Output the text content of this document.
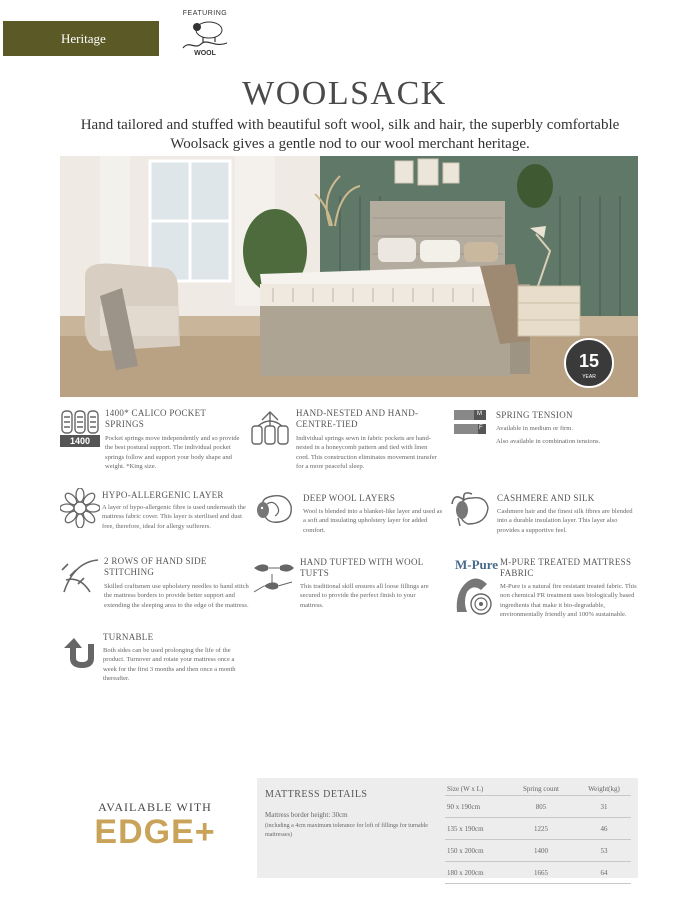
Heritage
FEATURING
WOOL
WOOLSACK
Hand tailored and stuffed with beautiful soft wool, silk and hair, the superbly comfortable Woolsack gives a gentle nod to our wool merchant heritage.
15
YEAR
1400
1400* CALICO POCKET
SPRINGS

Pocket springs move independently and so provide the best postural support. The individual pocket springs follow and support your body shape and weight. *King size.

HAND-NESTED AND HAND-
CENTRE-TIED

Individual springs sewn in fabric pockets are hand-nested in a honeycomb pattern and tied with linen cord. This construction eliminates movement transfer for a more peaceful sleep.

M
F
SPRING TENSION

Available in medium or firm.

Also available in combination tensions.

HYPO-ALLERGENIC LAYER

A layer of hypo-allergenic fibre is used underneath the mattress fabric cover. This layer is sterilised and dust free, therefore, ideal for allergy sufferers.

DEEP WOOL LAYERS

Wool is blended into a blanket-like layer and used as a soft and insulating upholstery layer for added comfort.

CASHMERE AND SILK

Cashmere hair and the finest silk fibres are blended into a durable insulation layer. This layer also provides a supportive feel.

2 ROWS OF HAND SIDE
STITCHING

Skilled craftsmen use upholstery needles to hand stitch the mattress borders to provide better support and extending the sleeping area to the edge of the mattress.

HAND TUFTED WITH WOOL
TUFTS

This traditional skill ensures all loose fillings are secured to provide the perfect finish to your mattress.

M-Pure M-PURE TREATED MATTRESS
FABRIC

M-Pure is a natural fire resistant treated fabric. This non chemical FR treatment uses biologically based ingredients that make it bio-degradable, environmentally friendly and 100% sustainable.

TURNABLE

Both sides can be used prolonging the life of the product. Turnover and rotate your mattress once a week for the first 3 months and then once a month thereafter.

AVAILABLE WITH
EDGE+
MATTRESS DETAILS
Mattress border height: 30cm
(including a 4cm maximum tolerance for loft of fillings for turnable mattresses)
Size (W x L)	Spring count	Weight(kg)
90 x 190cm	805	31
135 x 190cm	1225	46
150 x 200cm	1400	53
180 x 200cm	1665	64
